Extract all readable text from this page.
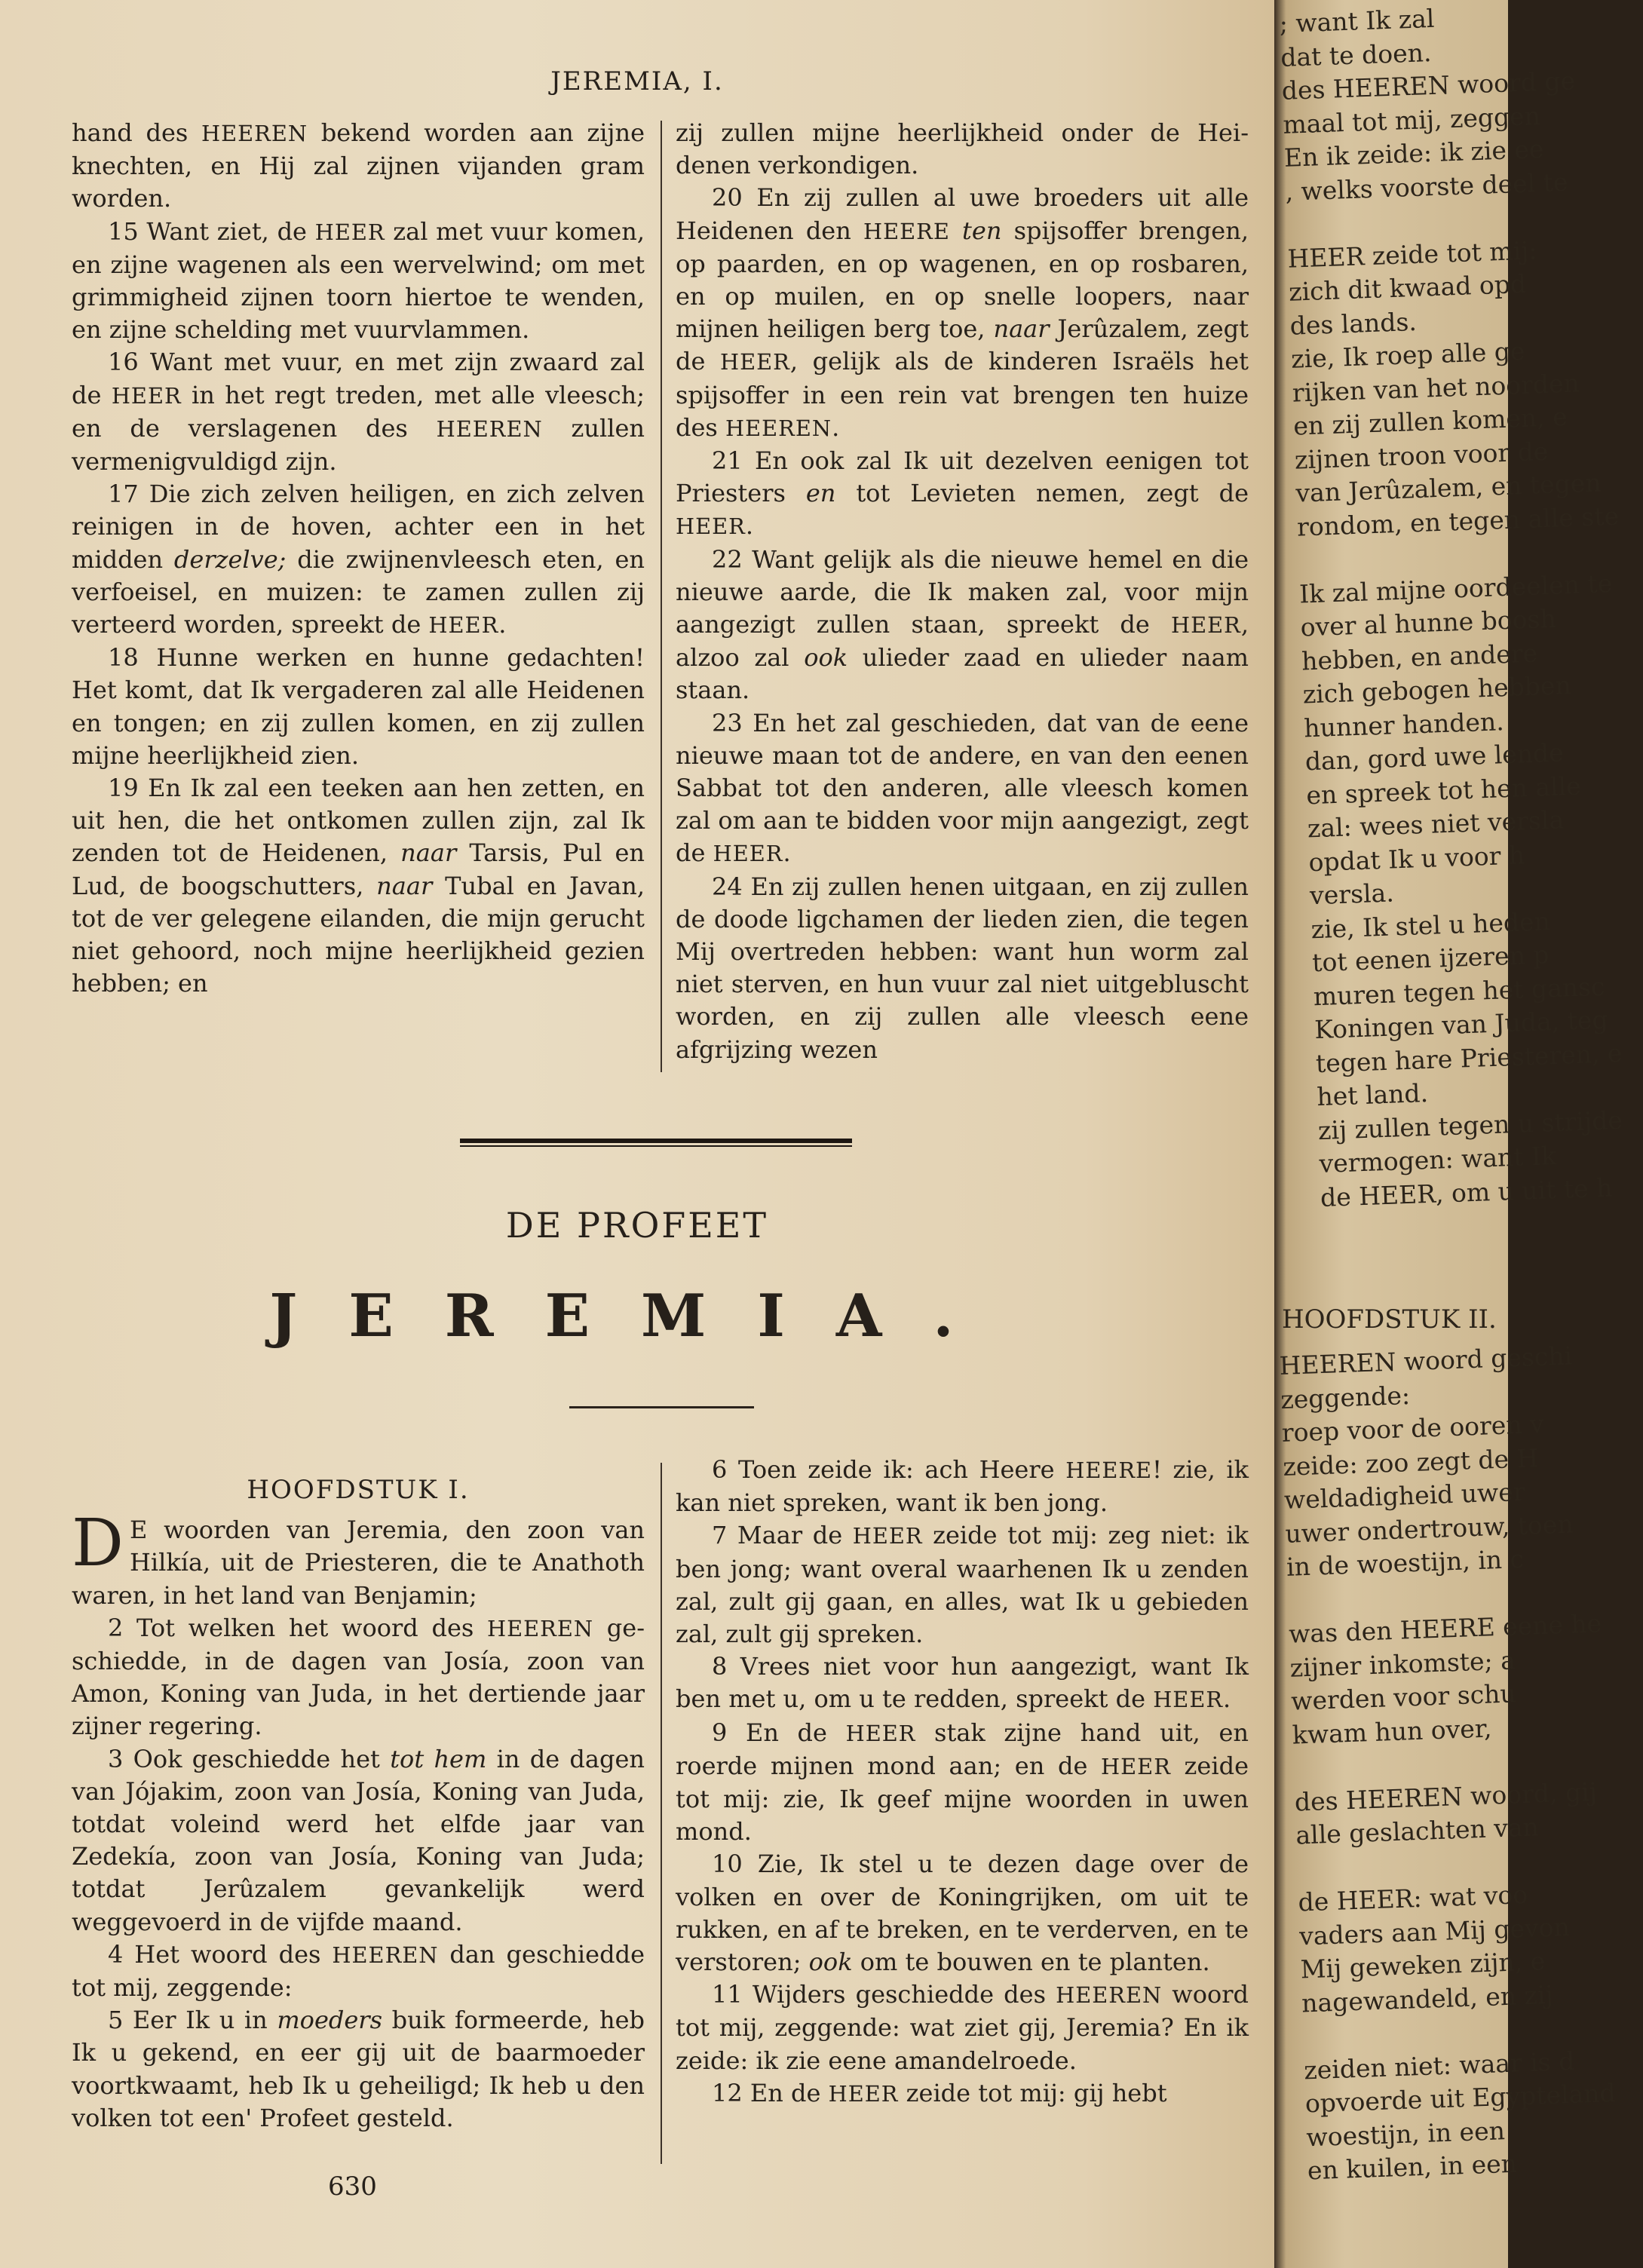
JEREMIA, I.

hand des HEEREN bekend worden aan zijne knechten, en Hij zal zijnen vijanden gram worden.

15 Want ziet, de HEER zal met vuur komen, en zijne wagenen als een wervelwind; om met grimmigheid zijnen toorn hiertoe te wenden, en zijne schelding met vuurvlammen.

16 Want met vuur, en met zijn zwaard zal de HEER in het regt treden, met alle vleesch; en de verslagenen des HEEREN zullen vermenigvuldigd zijn.

17 Die zich zelven heiligen, en zich zelven reinigen in de hoven, achter een in het midden derzelve; die zwijnenvleesch eten, en verfoeisel, en muizen: te zamen zullen zij verteerd worden, spreekt de HEER.

18 Hunne werken en hunne gedachten! Het komt, dat Ik vergaderen zal alle Heidenen en tongen; en zij zullen komen, en zij zullen mijne heerlijkheid zien.

19 En Ik zal een teeken aan hen zetten, en uit hen, die het ontkomen zullen zijn, zal Ik zenden tot de Heidenen, naar Tarsis, Pul en Lud, de boogschutters, naar Tubal en Javan, tot de ver gelegene eilanden, die mijn gerucht niet gehoord, noch mijne heerlijkheid gezien hebben; en

zij zullen mijne heerlijkheid onder de Heidenen verkondigen.

20 En zij zullen al uwe broeders uit alle Heidenen den HEERE ten spijsoffer brengen, op paarden, en op wagenen, en op rosbaren, en op muilen, en op snelle loopers, naar mijnen heiligen berg toe, naar Jerûzalem, zegt de HEER, gelijk als de kinderen Israëls het spijsoffer in een rein vat brengen ten huize des HEEREN.

21 En ook zal Ik uit dezelven eenigen tot Priesters en tot Levieten nemen, zegt de HEER.

22 Want gelijk als die nieuwe hemel en die nieuwe aarde, die Ik maken zal, voor mijn aangezigt zullen staan, spreekt de HEER, alzoo zal ook ulieder zaad en ulieder naam staan.

23 En het zal geschieden, dat van de eene nieuwe maan tot de andere, en van den eenen Sabbat tot den anderen, alle vleesch komen zal om aan te bidden voor mijn aangezigt, zegt de HEER.

24 En zij zullen henen uitgaan, en zij zullen de doode ligchamen der lieden zien, die tegen Mij overtreden hebben: want hun worm zal niet sterven, en hun vuur zal niet uitgebluscht worden, en zij zullen alle vleesch eene afgrijzing wezen

DE PROFEET
JEREMIA.
HOOFDSTUK I.
D E woorden van Jeremia, den zoon van Hilkía, uit de Priesteren, die te Anathoth waren, in het land van Benjamin;

2 Tot welken het woord des HEEREN geschiedde, in de dagen van Josía, zoon van Amon, Koning van Juda, in het dertiende jaar zijner regering.

3 Ook geschiedde het tot hem in de dagen van Jójakim, zoon van Josía, Koning van Juda, totdat voleind werd het elfde jaar van Zedekía, zoon van Josía, Koning van Juda; totdat Jerûzalem gevankelijk werd weggevoerd in de vijfde maand.

4 Het woord des HEEREN dan geschiedde tot mij, zeggende:

5 Eer Ik u in moeders buik formeerde, heb Ik u gekend, en eer gij uit de baarmoeder voortkwaamt, heb Ik u geheiligd; Ik heb u den volken tot een' Profeet gesteld.

6 Toen zeide ik: ach Heere HEERE! zie, ik kan niet spreken, want ik ben jong.

7 Maar de HEER zeide tot mij: zeg niet: ik ben jong; want overal waarhenen Ik u zenden zal, zult gij gaan, en alles, wat Ik u gebieden zal, zult gij spreken.

8 Vrees niet voor hun aangezigt, want Ik ben met u, om u te redden, spreekt de HEER.

9 En de HEER stak zijne hand uit, en roerde mijnen mond aan; en de HEER zeide tot mij: zie, Ik geef mijne woorden in uwen mond.

10 Zie, Ik stel u te dezen dage over de volken en over de Koningrijken, om uit te rukken, en af te breken, en te verderven, en te verstoren; ook om te bouwen en te planten.

11 Wijders geschiedde des HEEREN woord tot mij, zeggende: wat ziet gij, Jeremia? En ik zeide: ik zie eene amandelroede.

12 En de HEER zeide tot mij: gij hebt

630
; want Ik zal
dat te doen.
des HEEREN woord ge
maal tot mij, zeggen
En ik zeide: ik zie ee
, welks voorste deel te

HEER zeide tot mij:
zich dit kwaad opd
des lands.
zie, Ik roep alle ge
rijken van het noorden
en zij zullen komen, e
zijnen troon voor de
van Jerûzalem, en tegen
rondom, en tegen alle ste

Ik zal mijne oordeelen te
over al hunne boosh
hebben, en andere
zich gebogen hebben
hunner handen.
dan, gord uwe lende
en spreek tot hen alle
zal: wees niet versla
opdat Ik u voor h
versla.
zie, Ik stel u heden
tot eenen ijzeren p
muren tegen het gansc
Koningen van Juda, teg
tegen hare Priesteren, e
het land.
zij zullen tegen u strijde
vermogen: want Ik
de HEER, om u uit te h
HOOFDSTUK II.
HEEREN woord geschi
zeggende:
roep voor de ooren v
zeide: zoo zegt de H
weldadigheid uwer
uwer ondertrouw, toen
in de woestijn, in c

was den HEERE eene he
zijner inkomste; a
werden voor schu
kwam hun over,

des HEEREN woord, gij
alle geslachten van

de HEER: wat voo
vaders aan Mij gevon
Mij geweken zijn, e
nagewandeld, en zij

zeiden niet: waar is d
opvoerde uit Egypteland
woestijn, in een
en kuilen, in een
